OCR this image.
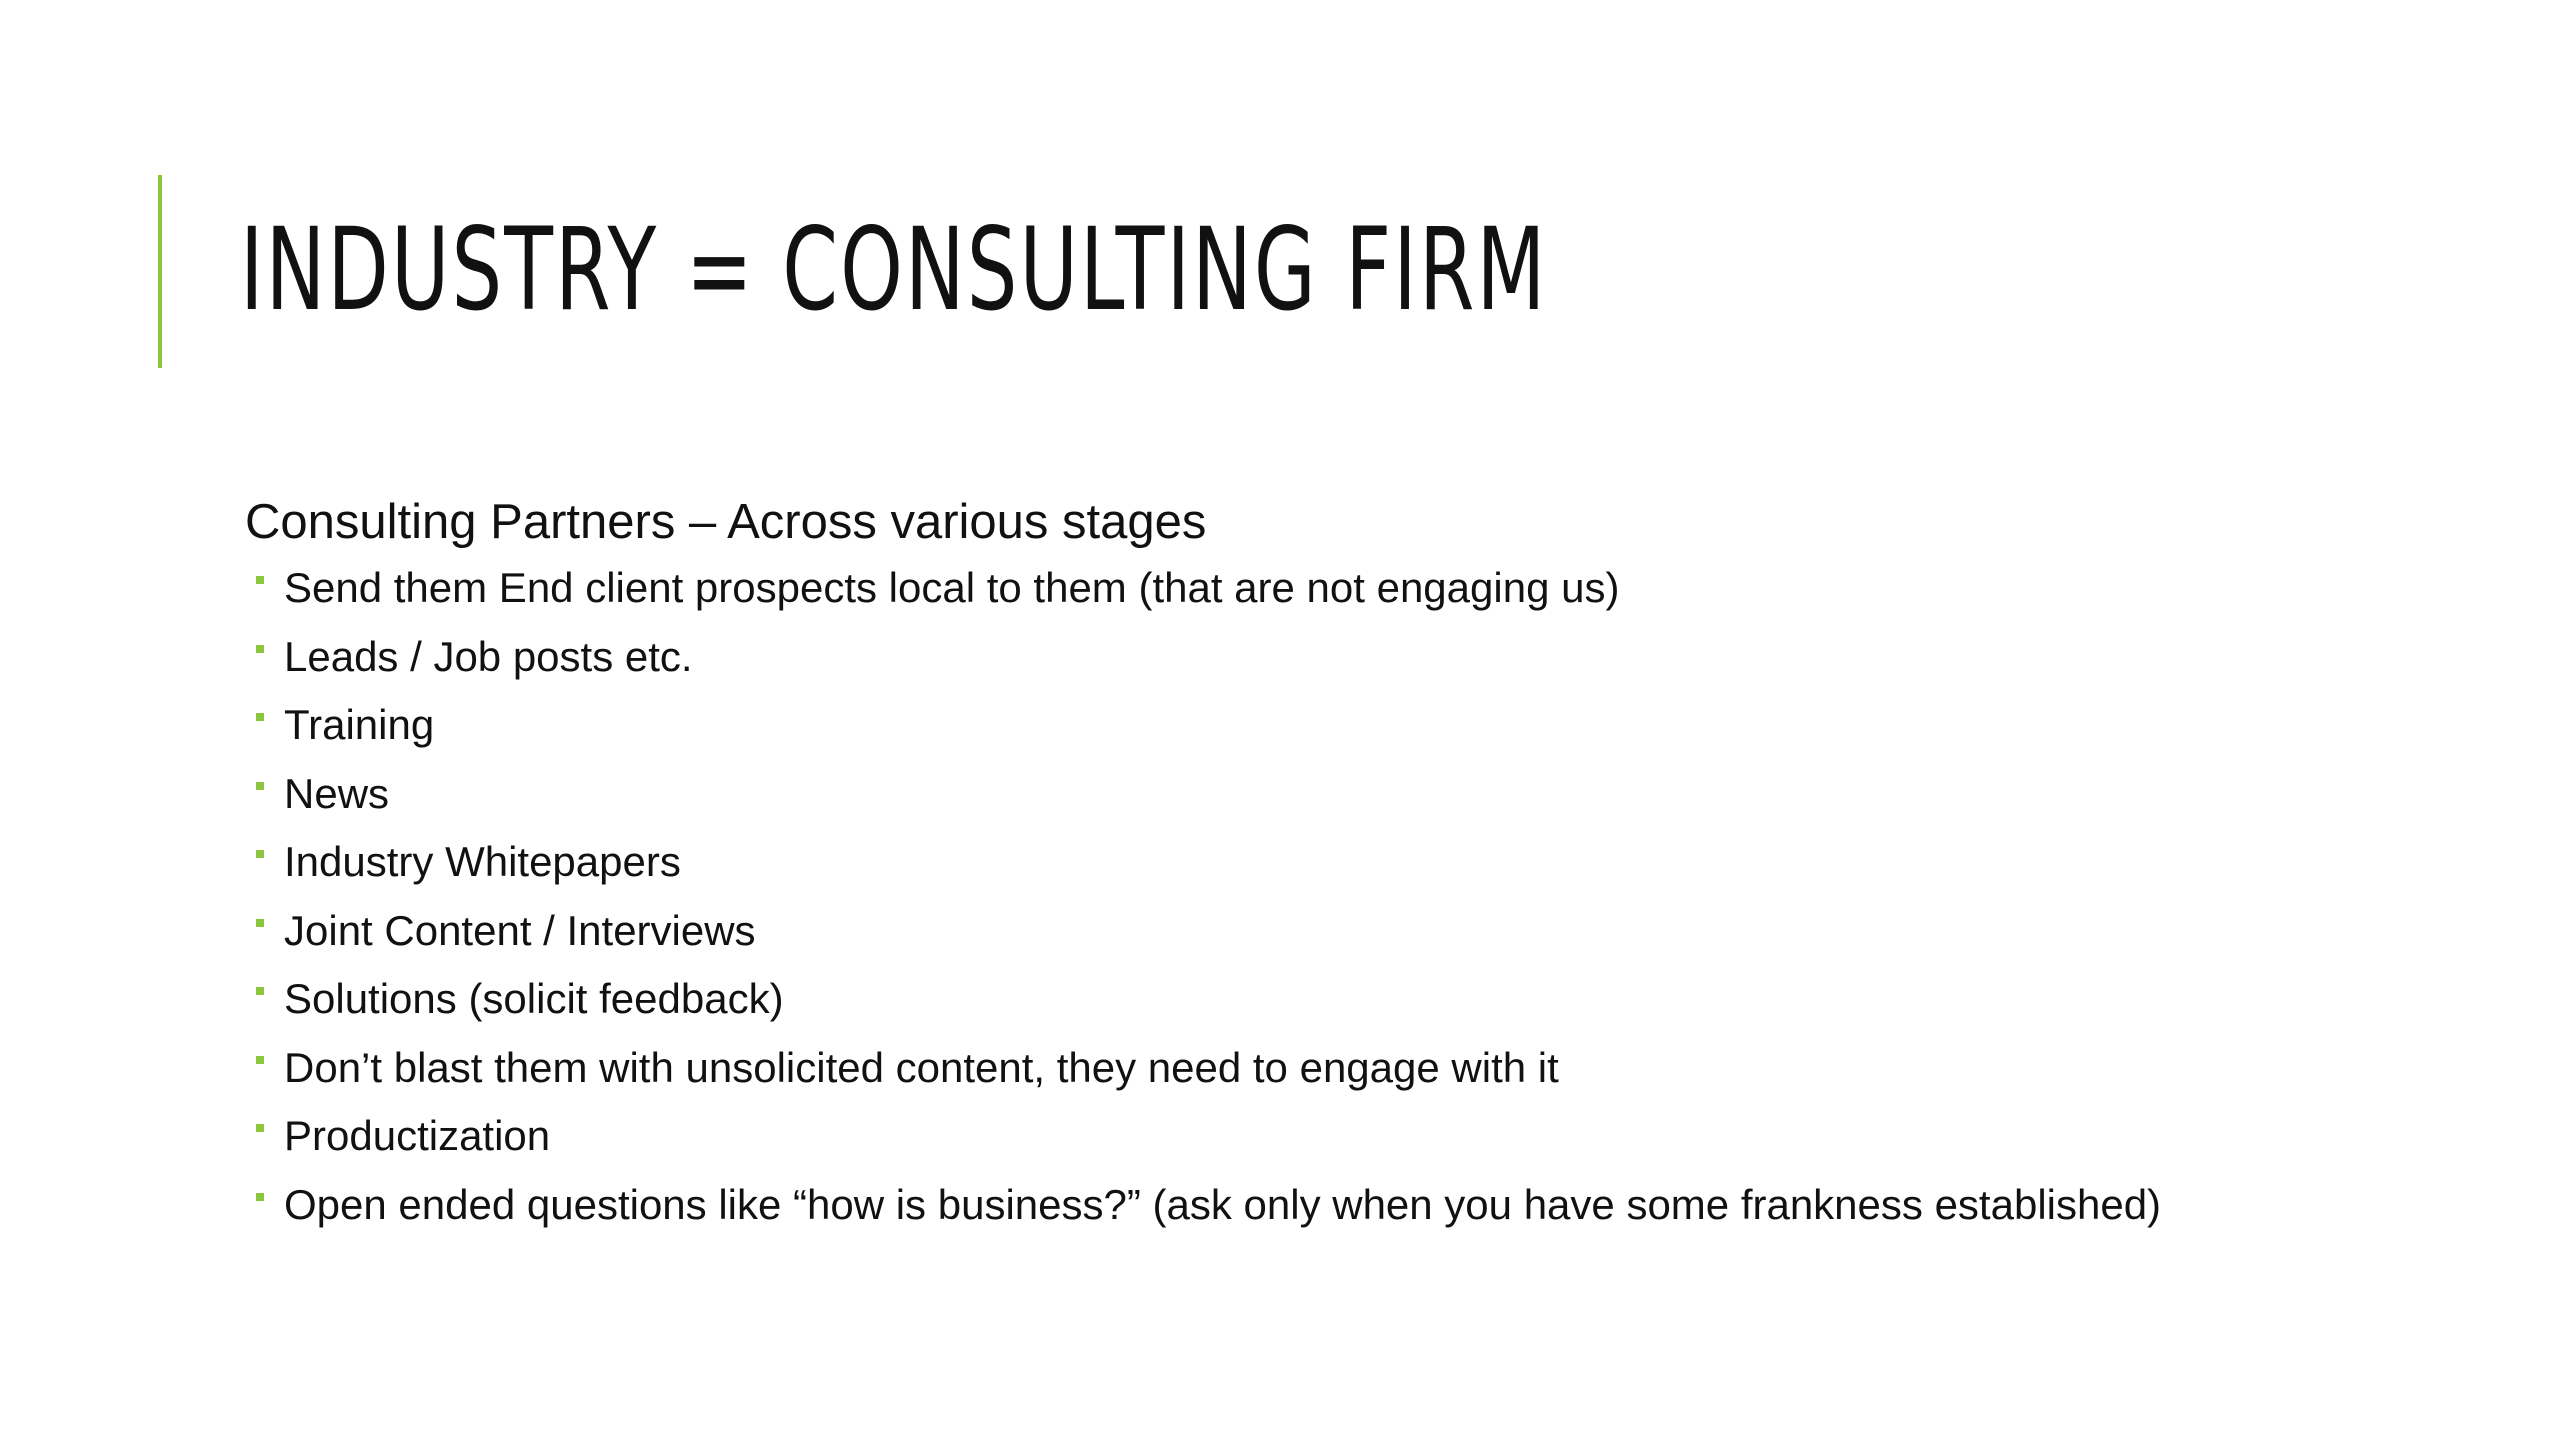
INDUSTRY = CONSULTING FIRM
Consulting Partners – Across various stages
Send them End client prospects local to them (that are not engaging us)
Leads / Job posts etc.
Training
News
Industry Whitepapers
Joint Content / Interviews
Solutions (solicit feedback)
Don’t blast them with unsolicited content, they need to engage with it
Productization
Open ended questions like “how is business?” (ask only when you have some frankness established)
